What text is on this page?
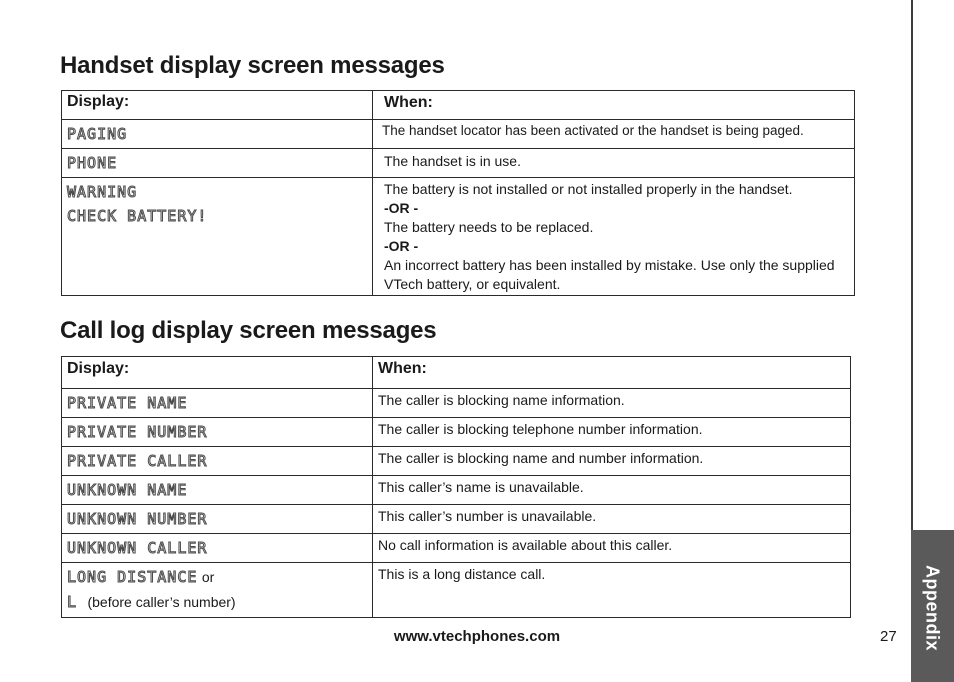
Appendix
Handset display screen messages
Display:	When:

PAGING	The handset locator has been activated or the handset is being paged.

PHONE	The handset is in use.

WARNING
CHECK BATTERY!	The battery is not installed or not installed properly in the handset.
-OR -
The battery needs to be replaced.
-OR -
An incorrect battery has been installed by mistake. Use only the supplied VTech battery, or equivalent.
Call log display screen messages
Display:	When:

PRIVATE NAME	The caller is blocking name information.

PRIVATE NUMBER	The caller is blocking telephone number information.

PRIVATE CALLER	The caller is blocking name and number information.

UNKNOWN NAME	This caller’s name is unavailable.

UNKNOWN NUMBER	This caller’s number is unavailable.

UNKNOWN CALLER	No call information is available about this caller.

LONG DISTANCE or
L (before caller’s number)	This is a long distance call.
www.vtechphones.com	27
